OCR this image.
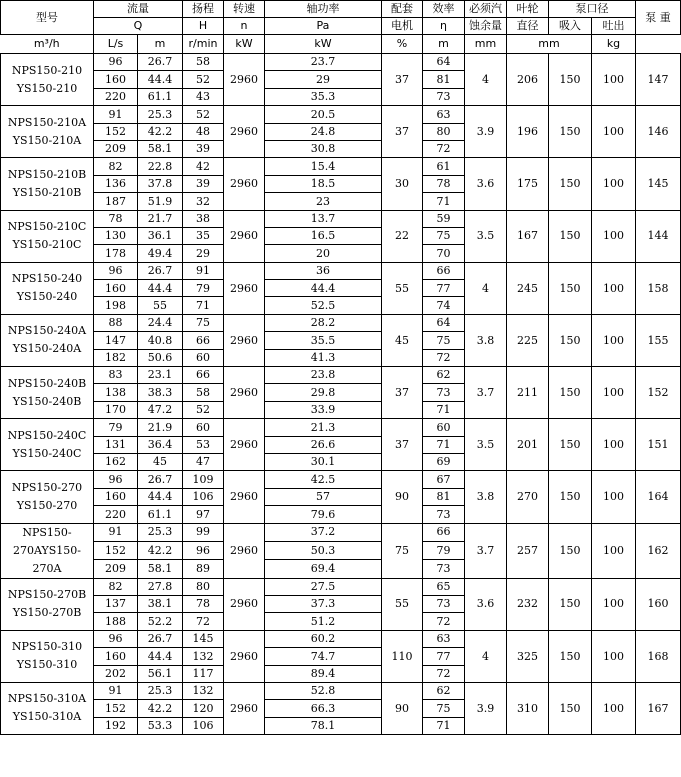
型号	流量		扬程	转速	轴功率	配套	效率	必须汽	叶轮	泵口径		泵 重
	Q		H	n	Pa	电机	η	蚀余量	直径	吸入	吐出	
m³/h	L/s	m	r/min	kW	kW	%	m	mm	mm		kg	
NPS150-210 YS150-210	96	26.7	58	2960	23.7	37	64	4	206	150	100	147
	160	44.4	52		29		81					
	220	61.1	43		35.3		73					
NPS150-210A YS150-210A	91	25.3	52	2960	20.5	37	63	3.9	196	150	100	146
	152	42.2	48		24.8		80					
	209	58.1	39		30.8		72					
NPS150-210B YS150-210B	82	22.8	42	2960	15.4	30	61	3.6	175	150	100	145
	136	37.8	39		18.5		78					
	187	51.9	32		23		71					
NPS150-210C YS150-210C	78	21.7	38	2960	13.7	22	59	3.5	167	150	100	144
	130	36.1	35		16.5		75					
	178	49.4	29		20		70					
NPS150-240 YS150-240	96	26.7	91	2960	36	55	66	4	245	150	100	158
	160	44.4	79		44.4		77					
	198	55	71		52.5		74					
NPS150-240A YS150-240A	88	24.4	75	2960	28.2	45	64	3.8	225	150	100	155
	147	40.8	66		35.5		75					
	182	50.6	60		41.3		72					
NPS150-240B YS150-240B	83	23.1	66	2960	23.8	37	62	3.7	211	150	100	152
	138	38.3	58		29.8		73					
	170	47.2	52		33.9		71					
NPS150-240C YS150-240C	79	21.9	60	2960	21.3	37	60	3.5	201	150	100	151
	131	36.4	53		26.6		71					
	162	45	47		30.1		69					
NPS150-270 YS150-270	96	26.7	109	2960	42.5	90	67	3.8	270	150	100	164
	160	44.4	106		57		81					
	220	61.1	97		79.6		73					
NPS150-270AYS150-270A	91	25.3	99	2960	37.2	75	66	3.7	257	150	100	162
	152	42.2	96		50.3		79					
	209	58.1	89		69.4		73					
NPS150-270B YS150-270B	82	27.8	80	2960	27.5	55	65	3.6	232	150	100	160
	137	38.1	78		37.3		73					
	188	52.2	72		51.2		72					
NPS150-310 YS150-310	96	26.7	145	2960	60.2	110	63	4	325	150	100	168
	160	44.4	132		74.7		77					
	202	56.1	117		89.4		72					
NPS150-310A YS150-310A	91	25.3	132	2960	52.8	90	62	3.9	310	150	100	167
	152	42.2	120		66.3		75					
	192	53.3	106		78.1		71					
